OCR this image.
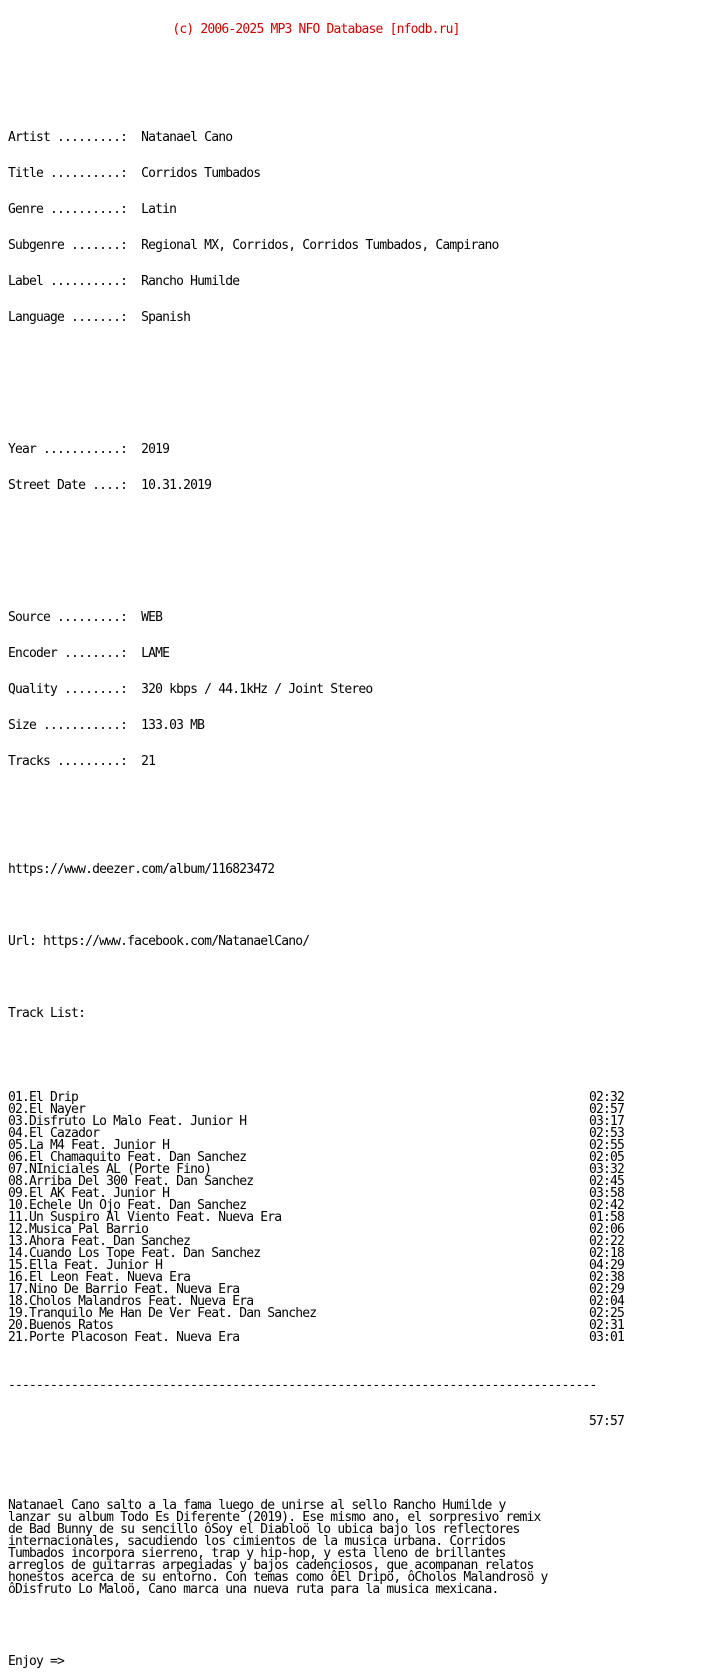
(c) 2006-2025 MP3 NFO Database [nfodb.ru]

Artist .........:  Natanael Cano

Title ..........:  Corridos Tumbados

Genre ..........:  Latin

Subgenre .......:  Regional MX, Corridos, Corridos Tumbados, Campirano

Label ..........:  Rancho Humilde

Language .......:  Spanish

Year ...........:  2019

Street Date ....:  10.31.2019

Source .........:  WEB

Encoder ........:  LAME

Quality ........:  320 kbps / 44.1kHz / Joint Stereo

Size ...........:  133.03 MB

Tracks .........:  21

https://www.deezer.com/album/116823472

Url: https://www.facebook.com/NatanaelCano/

Track List:

01.El Drip	02:32
02.El Nayer	02:57
03.Disfruto Lo Malo Feat. Junior H	03:17
04.El Cazador	02:53
05.La M4 Feat. Junior H	02:55
06.El Chamaquito Feat. Dan Sanchez	02:05
07.NIniciales AL (Porte Fino)	03:32
08.Arriba Del 300 Feat. Dan Sanchez	02:45
09.El AK Feat. Junior H	03:58
10.Echele Un Ojo Feat. Dan Sanchez	02:42
11.Un Suspiro Al Viento Feat. Nueva Era	01:58
12.Musica Pal Barrio	02:06
13.Ahora Feat. Dan Sanchez	02:22
14.Cuando Los Tope Feat. Dan Sanchez	02:18
15.Ella Feat. Junior H	04:29
16.El Leon Feat. Nueva Era	02:38
17.Nino De Barrio Feat. Nueva Era	02:29
18.Cholos Malandros Feat. Nueva Era	02:04
19.Tranquilo Me Han De Ver Feat. Dan Sanchez	02:25
20.Buenos Ratos	02:31
21.Porte Placoson Feat. Nueva Era	03:01

------------------------------------------------------------------------------------

57:57

Natanael Cano salto a la fama luego de unirse al sello Rancho Humilde y
lanzar su album Todo Es Diferente (2019). Ese mismo ano, el sorpresivo remix
de Bad Bunny de su sencillo ôSoy el Diabloö lo ubica bajo los reflectores
internacionales, sacudiendo los cimientos de la musica urbana. Corridos
Tumbados incorpora sierreno, trap y hip-hop, y esta lleno de brillantes
arreglos de guitarras arpegiadas y bajos cadenciosos, que acompanan relatos
honestos acerca de su entorno. Con temas como ôEl Dripö, ôCholos Malandrosö y
ôDisfruto Lo Maloö, Cano marca una nueva ruta para la musica mexicana.

Enjoy =>
